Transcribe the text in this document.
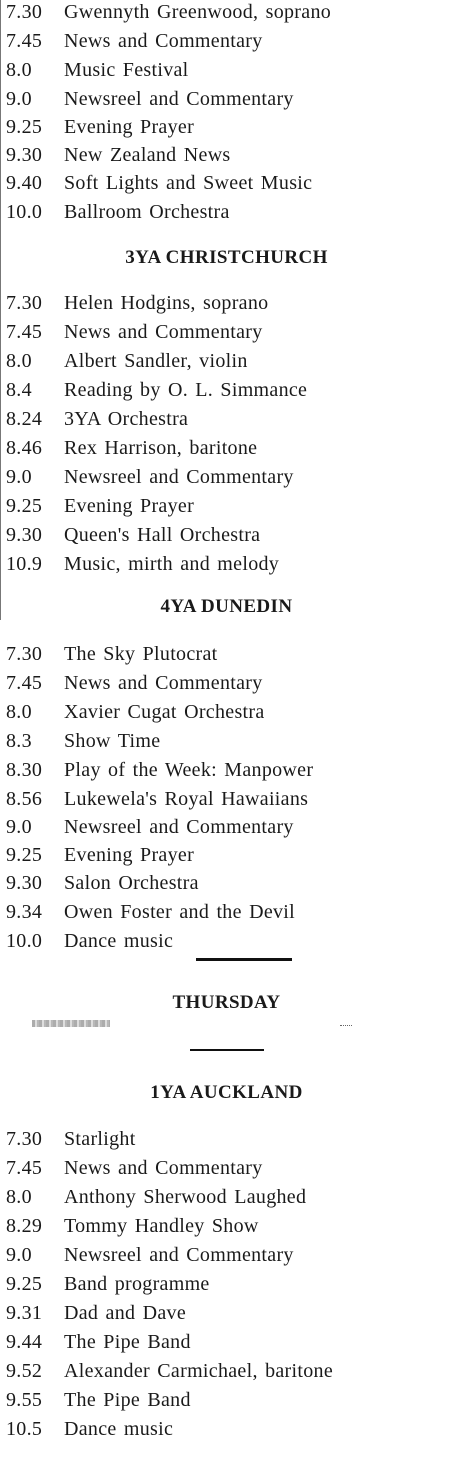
7.30 Gwennyth Greenwood, soprano
7.45 News and Commentary
8.0 Music Festival
9.0 Newsreel and Commentary
9.25 Evening Prayer
9.30 New Zealand News
9.40 Soft Lights and Sweet Music
10.0 Ballroom Orchestra
3YA CHRISTCHURCH
7.30 Helen Hodgins, soprano
7.45 News and Commentary
8.0 Albert Sandler, violin
8.4 Reading by O. L. Simmance
8.24 3YA Orchestra
8.46 Rex Harrison, baritone
9.0 Newsreel and Commentary
9.25 Evening Prayer
9.30 Queen's Hall Orchestra
10.9 Music, mirth and melody
4YA DUNEDIN
7.30 The Sky Plutocrat
7.45 News and Commentary
8.0 Xavier Cugat Orchestra
8.3 Show Time
8.30 Play of the Week: Manpower
8.56 Lukewela's Royal Hawaiians
9.0 Newsreel and Commentary
9.25 Evening Prayer
9.30 Salon Orchestra
9.34 Owen Foster and the Devil
10.0 Dance music
THURSDAY
1YA AUCKLAND
7.30 Starlight
7.45 News and Commentary
8.0 Anthony Sherwood Laughed
8.29 Tommy Handley Show
9.0 Newsreel and Commentary
9.25 Band programme
9.31 Dad and Dave
9.44 The Pipe Band
9.52 Alexander Carmichael, baritone
9.55 The Pipe Band
10.5 Dance music
